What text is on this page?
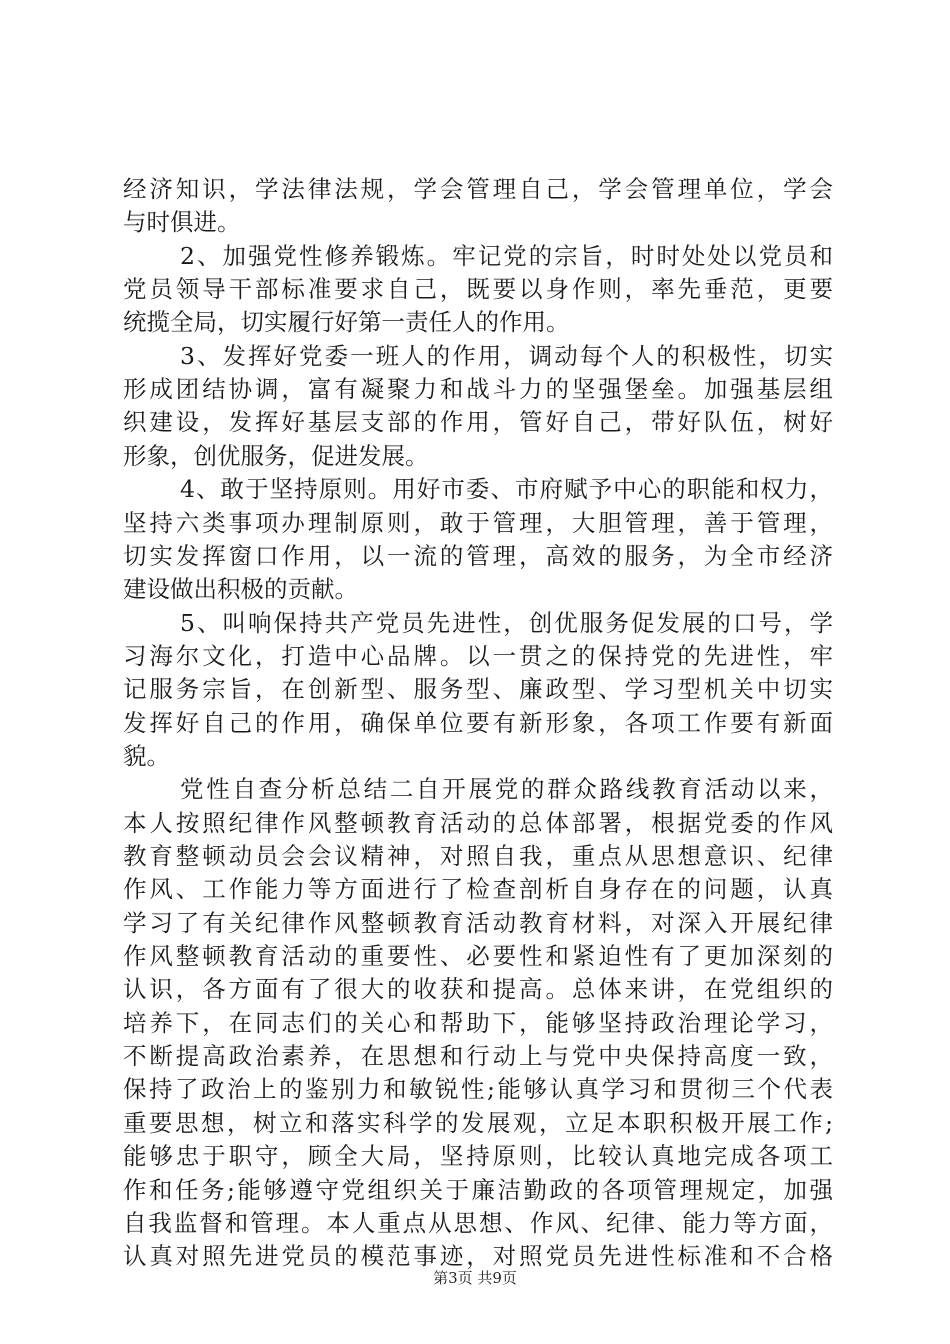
经济知识，学法律法规，学会管理自己，学会管理单位，学会
与时俱进。
2、加强党性修养锻炼。牢记党的宗旨，时时处处以党员和
党员领导干部标准要求自己，既要以身作则，率先垂范，更要
统揽全局，切实履行好第一责任人的作用。
3、发挥好党委一班人的作用，调动每个人的积极性，切实
形成团结协调，富有凝聚力和战斗力的坚强堡垒。加强基层组
织建设，发挥好基层支部的作用，管好自己，带好队伍，树好
形象，创优服务，促进发展。
4、敢于坚持原则。用好市委、市府赋予中心的职能和权力，
坚持六类事项办理制原则，敢于管理，大胆管理，善于管理，
切实发挥窗口作用，以一流的管理，高效的服务，为全市经济
建设做出积极的贡献。
5、叫响保持共产党员先进性，创优服务促发展的口号，学
习海尔文化，打造中心品牌。以一贯之的保持党的先进性，牢
记服务宗旨，在创新型、服务型、廉政型、学习型机关中切实
发挥好自己的作用，确保单位要有新形象，各项工作要有新面
貌。
党性自查分析总结二自开展党的群众路线教育活动以来，
本人按照纪律作风整顿教育活动的总体部署，根据党委的作风
教育整顿动员会会议精神，对照自我，重点从思想意识、纪律
作风、工作能力等方面进行了检查剖析自身存在的问题，认真
学习了有关纪律作风整顿教育活动教育材料，对深入开展纪律
作风整顿教育活动的重要性、必要性和紧迫性有了更加深刻的
认识，各方面有了很大的收获和提高。总体来讲，在党组织的
培养下，在同志们的关心和帮助下，能够坚持政治理论学习，
不断提高政治素养，在思想和行动上与党中央保持高度一致，
保持了政治上的鉴别力和敏锐性;能够认真学习和贯彻三个代表
重要思想，树立和落实科学的发展观，立足本职积极开展工作;
能够忠于职守，顾全大局，坚持原则，比较认真地完成各项工
作和任务;能够遵守党组织关于廉洁勤政的各项管理规定，加强
自我监督和管理。本人重点从思想、作风、纪律、能力等方面，
认真对照先进党员的模范事迹，对照党员先进性标准和不合格
第3页 共9页
